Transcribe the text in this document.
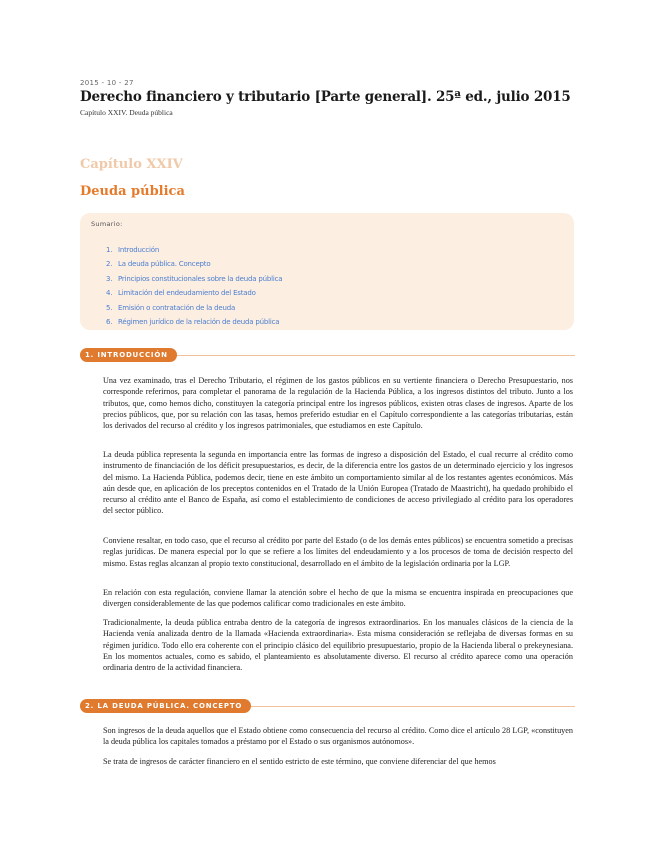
2015 - 10 - 27
Derecho financiero y tributario [Parte general]. 25ª ed., julio 2015
Capítulo XXIV. Deuda pública
Capítulo XXIV
Deuda pública
Sumario:
1. Introducción
2. La deuda pública. Concepto
3. Principios constitucionales sobre la deuda pública
4. Limitación del endeudamiento del Estado
5. Emisión o contratación de la deuda
6. Régimen jurídico de la relación de deuda pública
1. INTRODUCCIÓN

Una vez examinado, tras el Derecho Tributario, el régimen de los gastos públicos en su vertiente financiera o Derecho Presupuestario, nos corresponde referirnos, para completar el panorama de la regulación de la Hacienda Pública, a los ingresos distintos del tributo. Junto a los tributos, que, como hemos dicho, constituyen la categoría principal entre los ingresos públicos, existen otras clases de ingresos. Aparte de los precios públicos, que, por su relación con las tasas, hemos preferido estudiar en el Capítulo correspondiente a las categorías tributarias, están los derivados del recurso al crédito y los ingresos patrimoniales, que estudiamos en este Capítulo.

La deuda pública representa la segunda en importancia entre las formas de ingreso a disposición del Estado, el cual recurre al crédito como instrumento de financiación de los déficit presupuestarios, es decir, de la diferencia entre los gastos de un determinado ejercicio y los ingresos del mismo. La Hacienda Pública, podemos decir, tiene en este ámbito un comportamiento similar al de los restantes agentes económicos. Más aún desde que, en aplicación de los preceptos contenidos en el Tratado de la Unión Europea (Tratado de Maastricht), ha quedado prohibido el recurso al crédito ante el Banco de España, así como el establecimiento de condiciones de acceso privilegiado al crédito para los operadores del sector público.

Conviene resaltar, en todo caso, que el recurso al crédito por parte del Estado (o de los demás entes públicos) se encuentra sometido a precisas reglas jurídicas. De manera especial por lo que se refiere a los límites del endeudamiento y a los procesos de toma de decisión respecto del mismo. Estas reglas alcanzan al propio texto constitucional, desarrollado en el ámbito de la legislación ordinaria por la LGP.

En relación con esta regulación, conviene llamar la atención sobre el hecho de que la misma se encuentra inspirada en preocupaciones que divergen considerablemente de las que podemos calificar como tradicionales en este ámbito.

Tradicionalmente, la deuda pública entraba dentro de la categoría de ingresos extraordinarios. En los manuales clásicos de la ciencia de la Hacienda venía analizada dentro de la llamada «Hacienda extraordinaria». Esta misma consideración se reflejaba de diversas formas en su régimen jurídico. Todo ello era coherente con el principio clásico del equilibrio presupuestario, propio de la Hacienda liberal o prekeynesiana. En los momentos actuales, como es sabido, el planteamiento es absolutamente diverso. El recurso al crédito aparece como una operación ordinaria dentro de la actividad financiera.

2. LA DEUDA PÚBLICA. CONCEPTO

Son ingresos de la deuda aquellos que el Estado obtiene como consecuencia del recurso al crédito. Como dice el artículo 28 LGP, «constituyen la deuda pública los capitales tomados a préstamo por el Estado o sus organismos autónomos».

Se trata de ingresos de carácter financiero en el sentido estricto de este término, que conviene diferenciar del que hemos
